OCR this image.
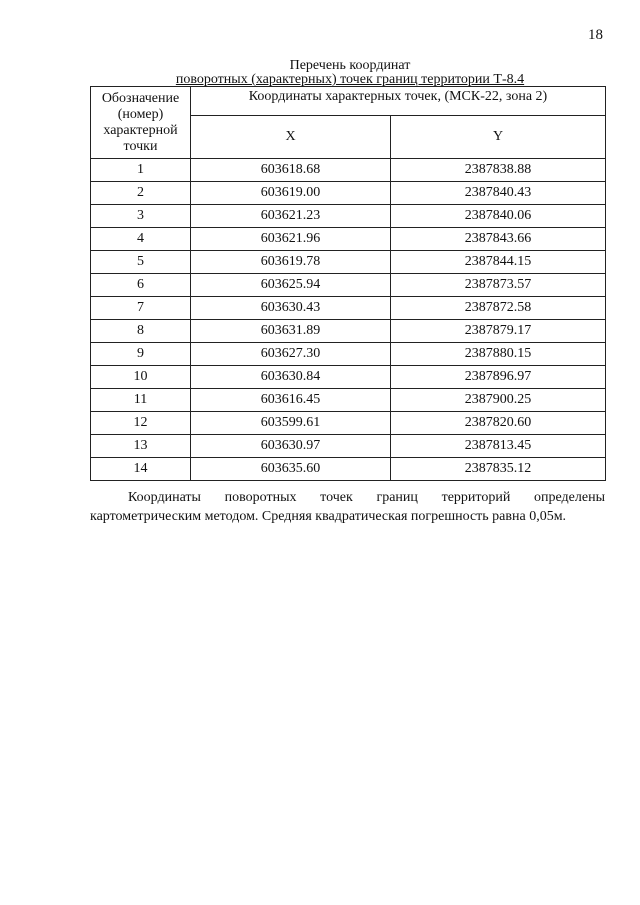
18
Перечень координат
поворотных (характерных) точек границ территории Т-8.4
Обозначение (номер) характерной точки	Координаты характерных точек, (МСК-22, зона 2)	
	X	Y
1	603618.68	2387838.88
2	603619.00	2387840.43
3	603621.23	2387840.06
4	603621.96	2387843.66
5	603619.78	2387844.15
6	603625.94	2387873.57
7	603630.43	2387872.58
8	603631.89	2387879.17
9	603627.30	2387880.15
10	603630.84	2387896.97
11	603616.45	2387900.25
12	603599.61	2387820.60
13	603630.97	2387813.45
14	603635.60	2387835.12
Координаты поворотных точек границ территорий определены картометрическим методом. Средняя квадратическая погрешность равна 0,05м.
